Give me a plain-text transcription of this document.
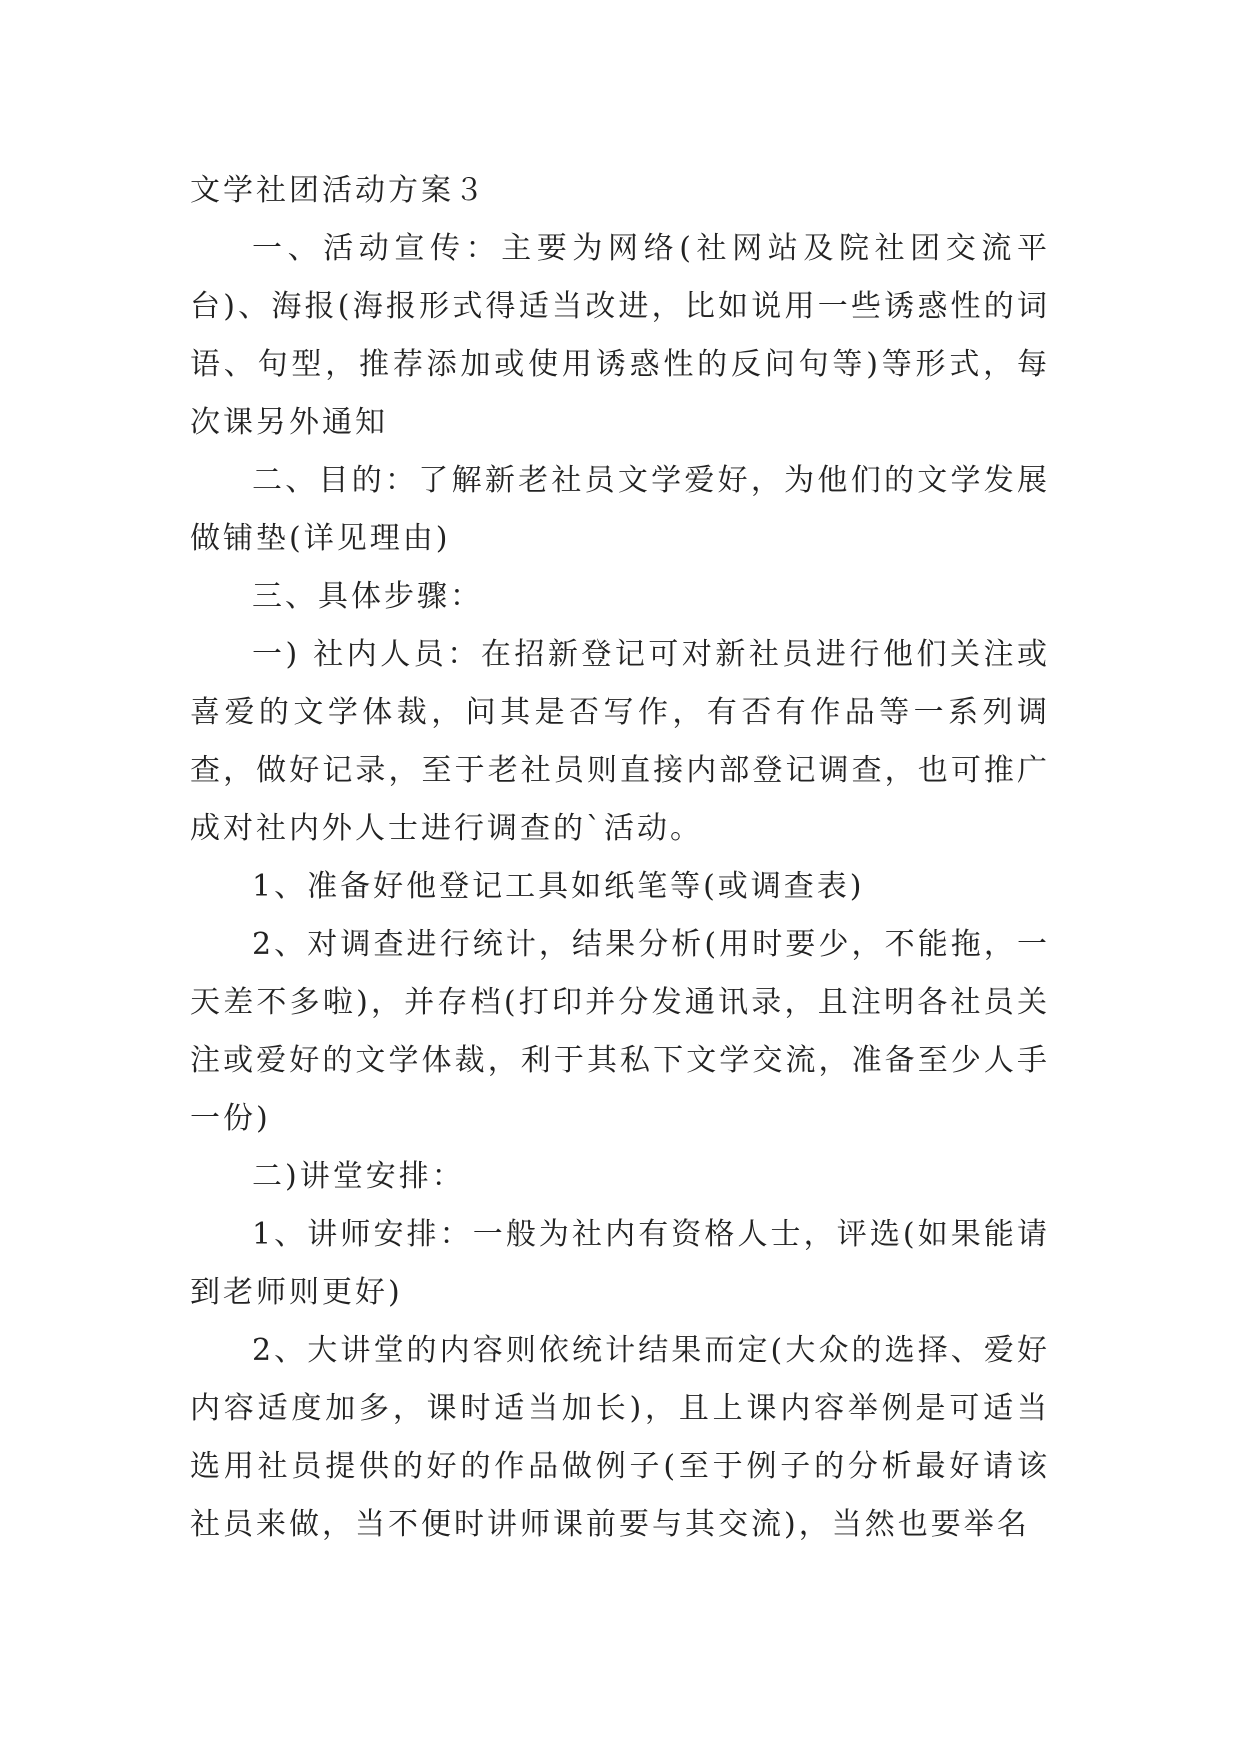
文学社团活动方案３

一、活动宣传：主要为网络(社网站及院社团交流平台)、海报(海报形式得适当改进，比如说用一些诱惑性的词语、句型，推荐添加或使用诱惑性的反问句等)等形式，每次课另外通知

二、目的：了解新老社员文学爱好，为他们的文学发展做铺垫(详见理由)

三、具体步骤：

一) 社内人员：在招新登记可对新社员进行他们关注或喜爱的文学体裁，问其是否写作，有否有作品等一系列调查，做好记录，至于老社员则直接内部登记调查，也可推广成对社内外人士进行调查的`活动。

1、准备好他登记工具如纸笔等(或调查表)

2、对调查进行统计，结果分析(用时要少，不能拖，一天差不多啦)，并存档(打印并分发通讯录，且注明各社员关注或爱好的文学体裁，利于其私下文学交流，准备至少人手一份)

二)讲堂安排：

1、讲师安排：一般为社内有资格人士，评选(如果能请到老师则更好)

2、大讲堂的内容则依统计结果而定(大众的选择、爱好内容适度加多，课时适当加长)，且上课内容举例是可适当选用社员提供的好的作品做例子(至于例子的分析最好请该社员来做，当不便时讲师课前要与其交流)，当然也要举名
